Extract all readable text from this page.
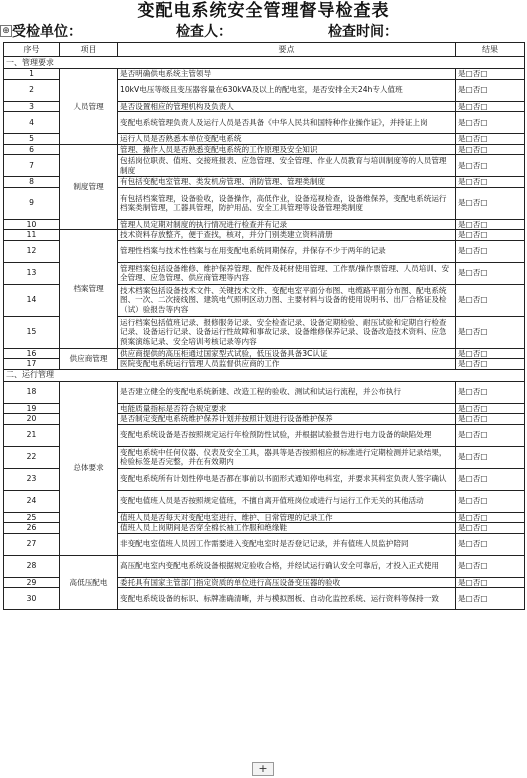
变配电系统安全管理督导检查表
受检单位：	检查人：	检查时间：
⊕
序号	项目	要点	结果
一、管理要求			
1	人员管理	是否明确供电系统主管领导	是□否□
2		10kV电压等级且变压器容量在630kVA及以上的配电室，是否安排全天24h专人值班	是□否□
3		是否设置相应的管理机构及负责人	是□否□
4		变配电系统管理负责人及运行人员是否具备《中华人民共和国特种作业操作证》，并持证上岗	是□否□
5		运行人员是否熟悉本单位变配电系统	是□否□
6	制度管理	管理、操作人员是否熟悉变配电系统的工作原理及安全知识	是□否□
7		包括岗位职责、值班、交接班报表、应急管理、安全管理、作业人员教育与培训制度等的人员管理制度	是□否□
8		有包括变配电室管理、类发机房管理、消防管理、管理类制度	是□否□
9		有包括档案管理，设备验收，设备操作，高低作业，设备巡视检查，设备维保养，变配电系统运行档案类制管理，工器具管理，防护用品、安全工具管理等设备管理类制度	是□否□
10		管理人员定期对制度的执行情况进行检查并有记录	是□否□
11	档案管理	技术资料存放整齐，便于查找，核对，并分门别类建立资料清册	是□否□
12		管理性档案与技术性档案与在用变配电系统同期保存，并保存不少于两年的记录	是□否□
13		管理档案包括设备维修、维护保养管理、配件及耗材使用管理、工作票/操作票管理、人员培训、安全管理、应急管理、供应商管理等内容	是□否□
14		技术档案包括设备技术文件、关键技术文件、变配电室平面分布图、电缆路平面分布图、配电系统图、一次、二次接线图、建筑电气照明区动力图、主要材料与设备的使用说明书、出厂合格证及检（试）验报告等内容	是□否□
15		运行档案包括值班记录、报修服务记录、安全检查记录、设备定期检验、耐压试验和定期自行检查记录、设备运行记录、设备运行性故障和事故记录、设备维修保养记录、设备改造技术资料、应急预案演练记录、安全培训考核记录等内容	是□否□
16	供应商管理	供应商提供的高压柜通过国家型式试验，低压设备具备3C认证	是□否□
17		医院变配电系统运行管理人员监督供应商的工作	是□否□
二、运行管理			
18	总体要求	是否建立健全的变配电系统新建、改造工程的验收、测试和试运行流程，并公布执行	是□否□
19		电能质量指标是否符合规定要求	是□否□
20		是否制定变配电系统维护保养计划并按照计划进行设备维护保养	是□否□
21		变配电系统设备是否按照规定运行年检预防性试验，并根据试验报告进行电力设备的缺陷处理	是□否□
22		变配电系统中任何仪器、仪表及安全工具，器具等是否按照相应的标准进行定期检测并记录结果，检验标签是否完整，并在有效期内	是□否□
23		变配电系统所有计划性停电是否都在事前以书面形式通知停电科室，并要求其科室负责人签字确认	是□否□
24		变配电值班人员是否按照规定值班，不擅自离开值班岗位或进行与运行工作无关的其他活动	是□否□
25		值班人员是否每天对变配电室进行、维护、日常管理的记录工作	是□否□
26		值班人员上岗期间是否穿全棉长袖工作服和绝缘鞋	是□否□
27		非变配电室值班人员因工作需要进入变配电室时是否登记记录，并有值班人员监护陪同	是□否□
28	高低压配电	高压配电室内变配电系统设备根据规定验收合格，并经试运行确认安全可靠后，才投入正式使用	是□否□
29		委托具有国家主管部门指定资质的单位进行高压设备变压器的验收	是□否□
30		变配电系统设备的标识、标牌准确清晰，并与模拟图板、自动化监控系统、运行资料等保持一致	是□否□
+
